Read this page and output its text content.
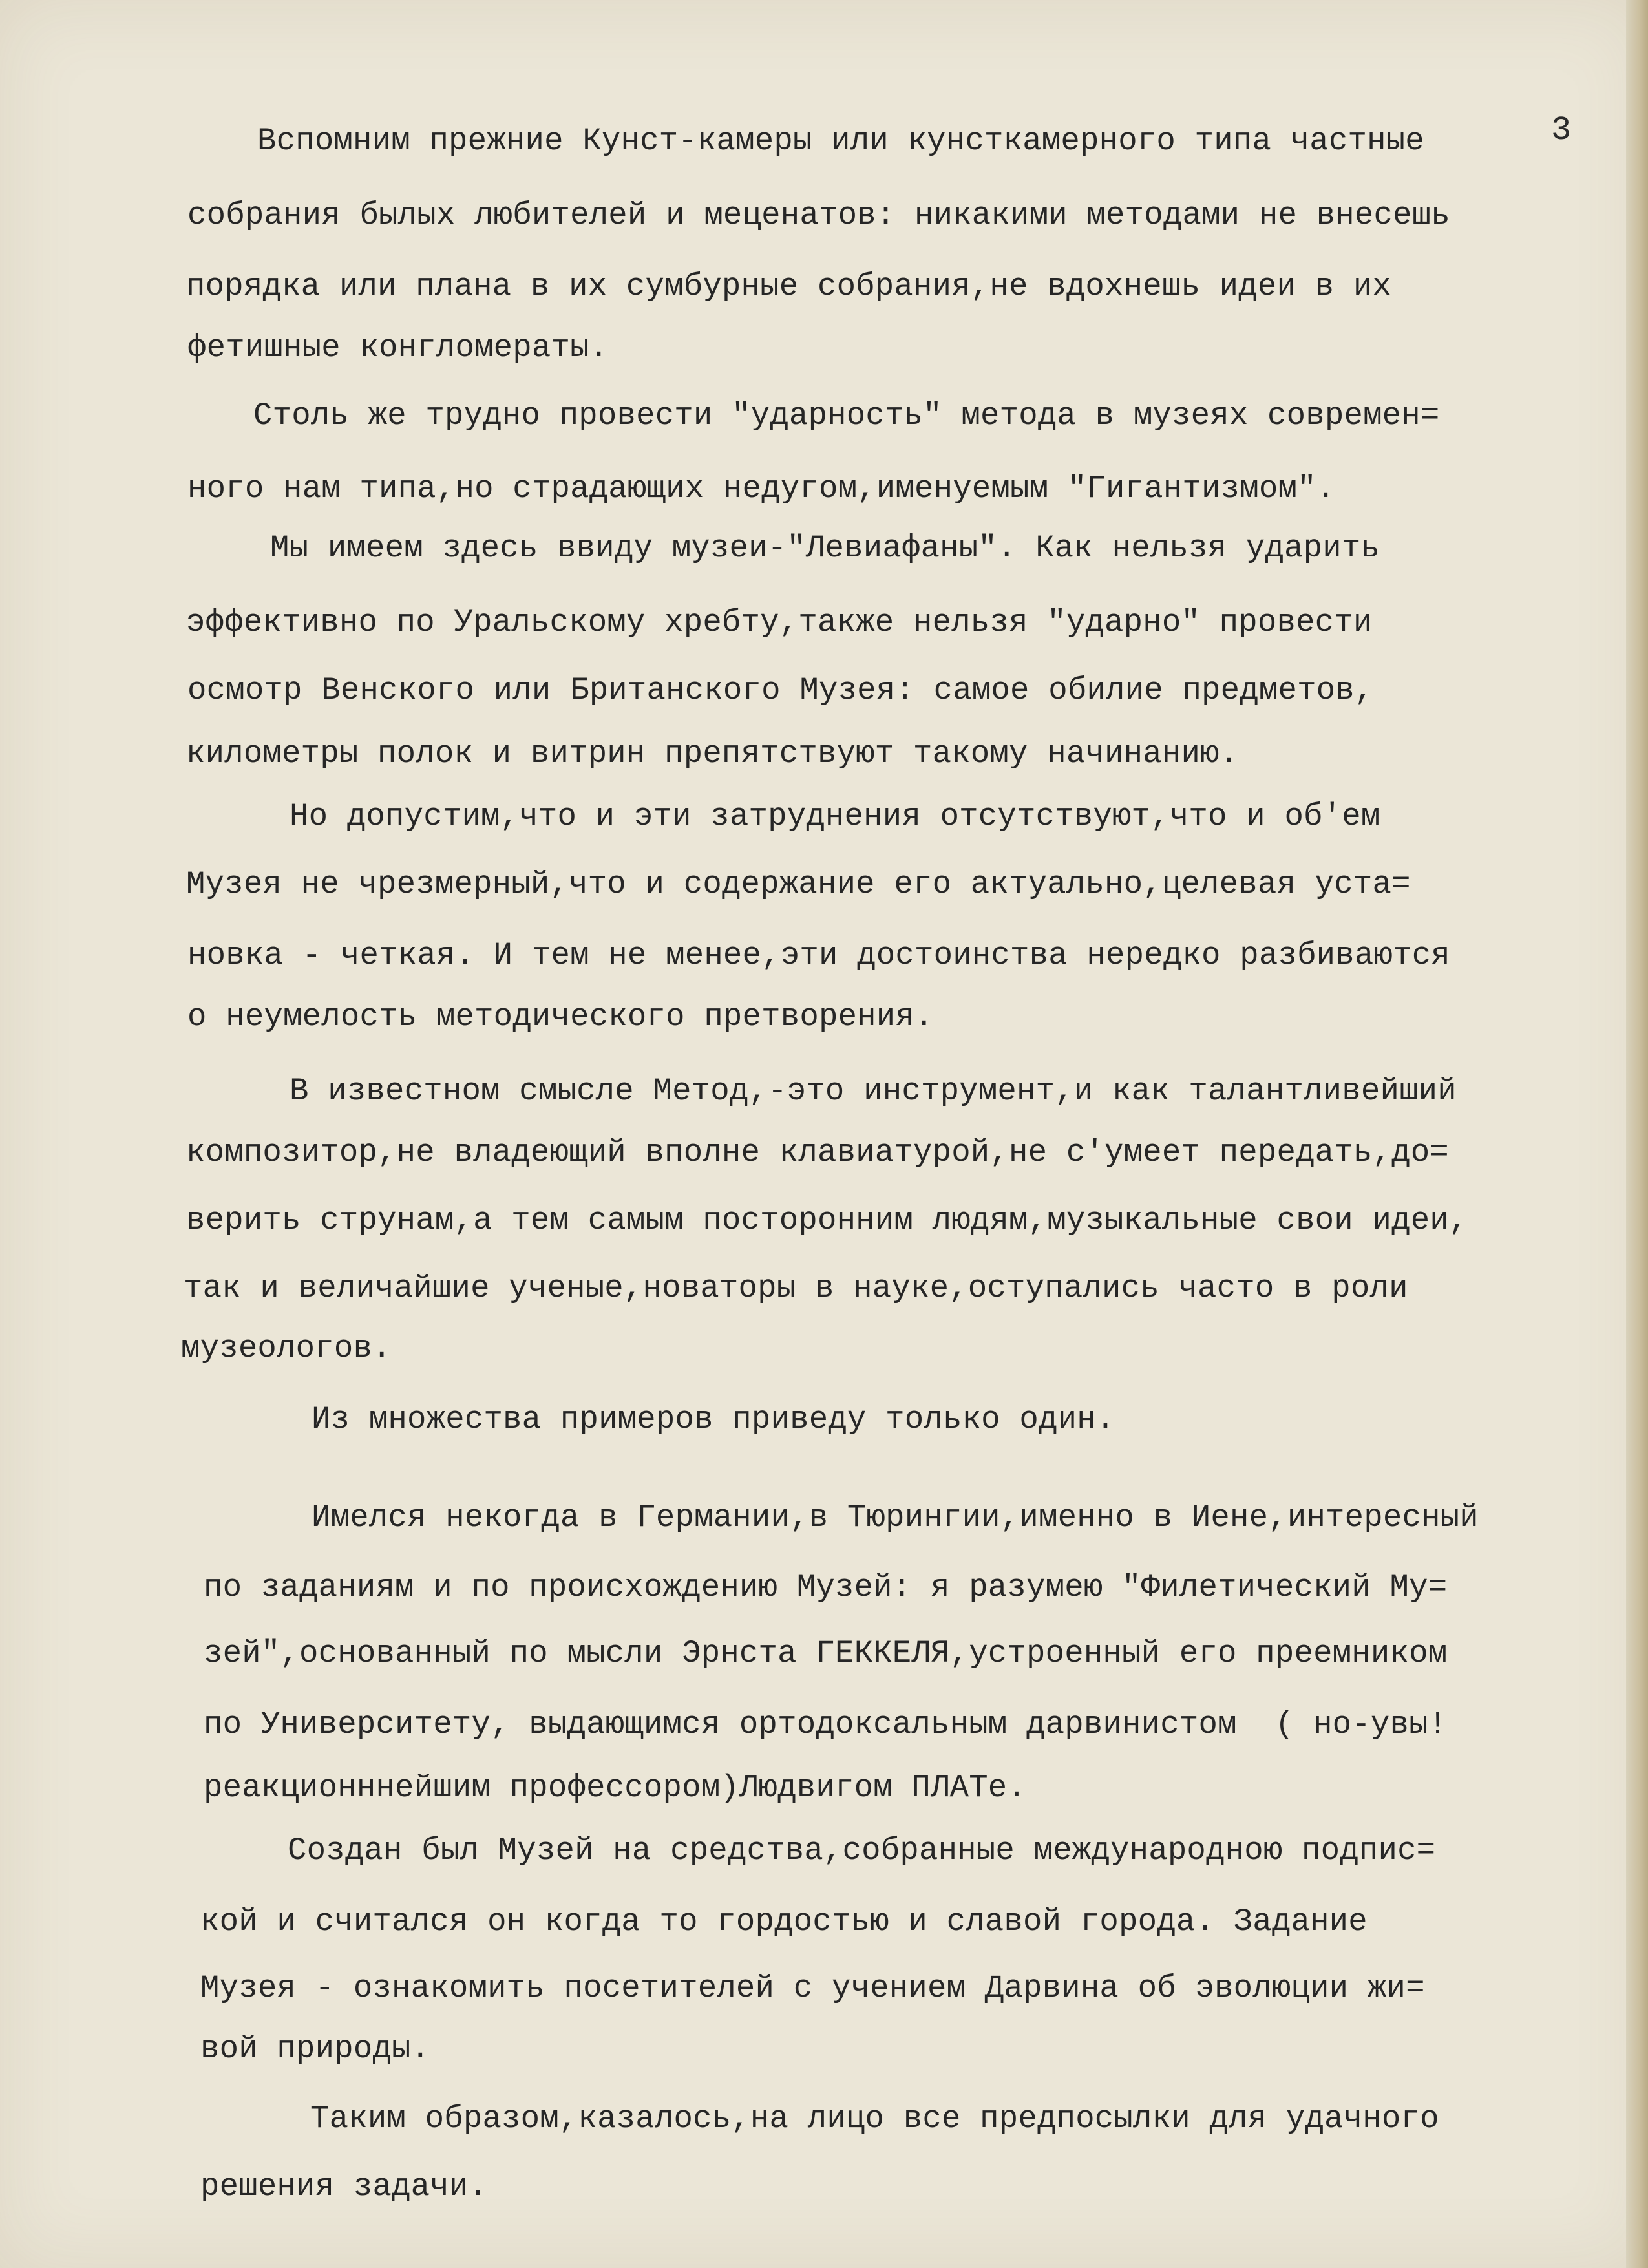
3
Вспомним прежние Кунст-камеры или кунсткамерного типа частные
собрания былых любителей и меценатов: никакими методами не внесешь
порядка или плана в их сумбурные собрания,не вдохнешь идеи в их
фетишные конгломераты.
Столь же трудно провести "ударность" метода в музеях современ=
ного нам типа,но страдающих недугом,именуемым "Гигантизмом".
Мы имеем здесь ввиду музеи-"Левиафаны". Как нельзя ударить
эффективно по Уральскому хребту,также нельзя "ударно" провести
осмотр Венского или Британского Музея: самое обилие предметов,
километры полок и витрин препятствуют такому начинанию.
Но допустим,что и эти затруднения отсутствуют,что и об'ем
Музея не чрезмерный,что и содержание его актуально,целевая уста=
новка - четкая. И тем не менее,эти достоинства нередко разбиваются
о неумелость методического претворения.
В известном смысле Метод,-это инструмент,и как талантливейший
композитор,не владеющий вполне клавиатурой,не с'умеет передать,до=
верить струнам,а тем самым посторонним людям,музыкальные свои идеи,
так и величайшие ученые,новаторы в науке,оступались часто в роли
музеологов.
Из множества примеров приведу только один.
Имелся некогда в Германии,в Тюрингии,именно в Иене,интересный
по заданиям и по происхождению Музей: я разумею "Филетический Му=
зей",основанный по мысли Эрнста ГЕККЕЛЯ,устроенный его преемником
по Университету, выдающимся ортодоксальным дарвинистом  ( но-увы!
реакционннейшим профессором)Людвигом ПЛАТе.
Создан был Музей на средства,собранные международною подпис=
кой и считался он когда то гордостью и славой города. Задание
Музея - ознакомить посетителей с учением Дарвина об эволюции жи=
вой природы.
Таким образом,казалось,на лицо все предпосылки для удачного
решения задачи.
